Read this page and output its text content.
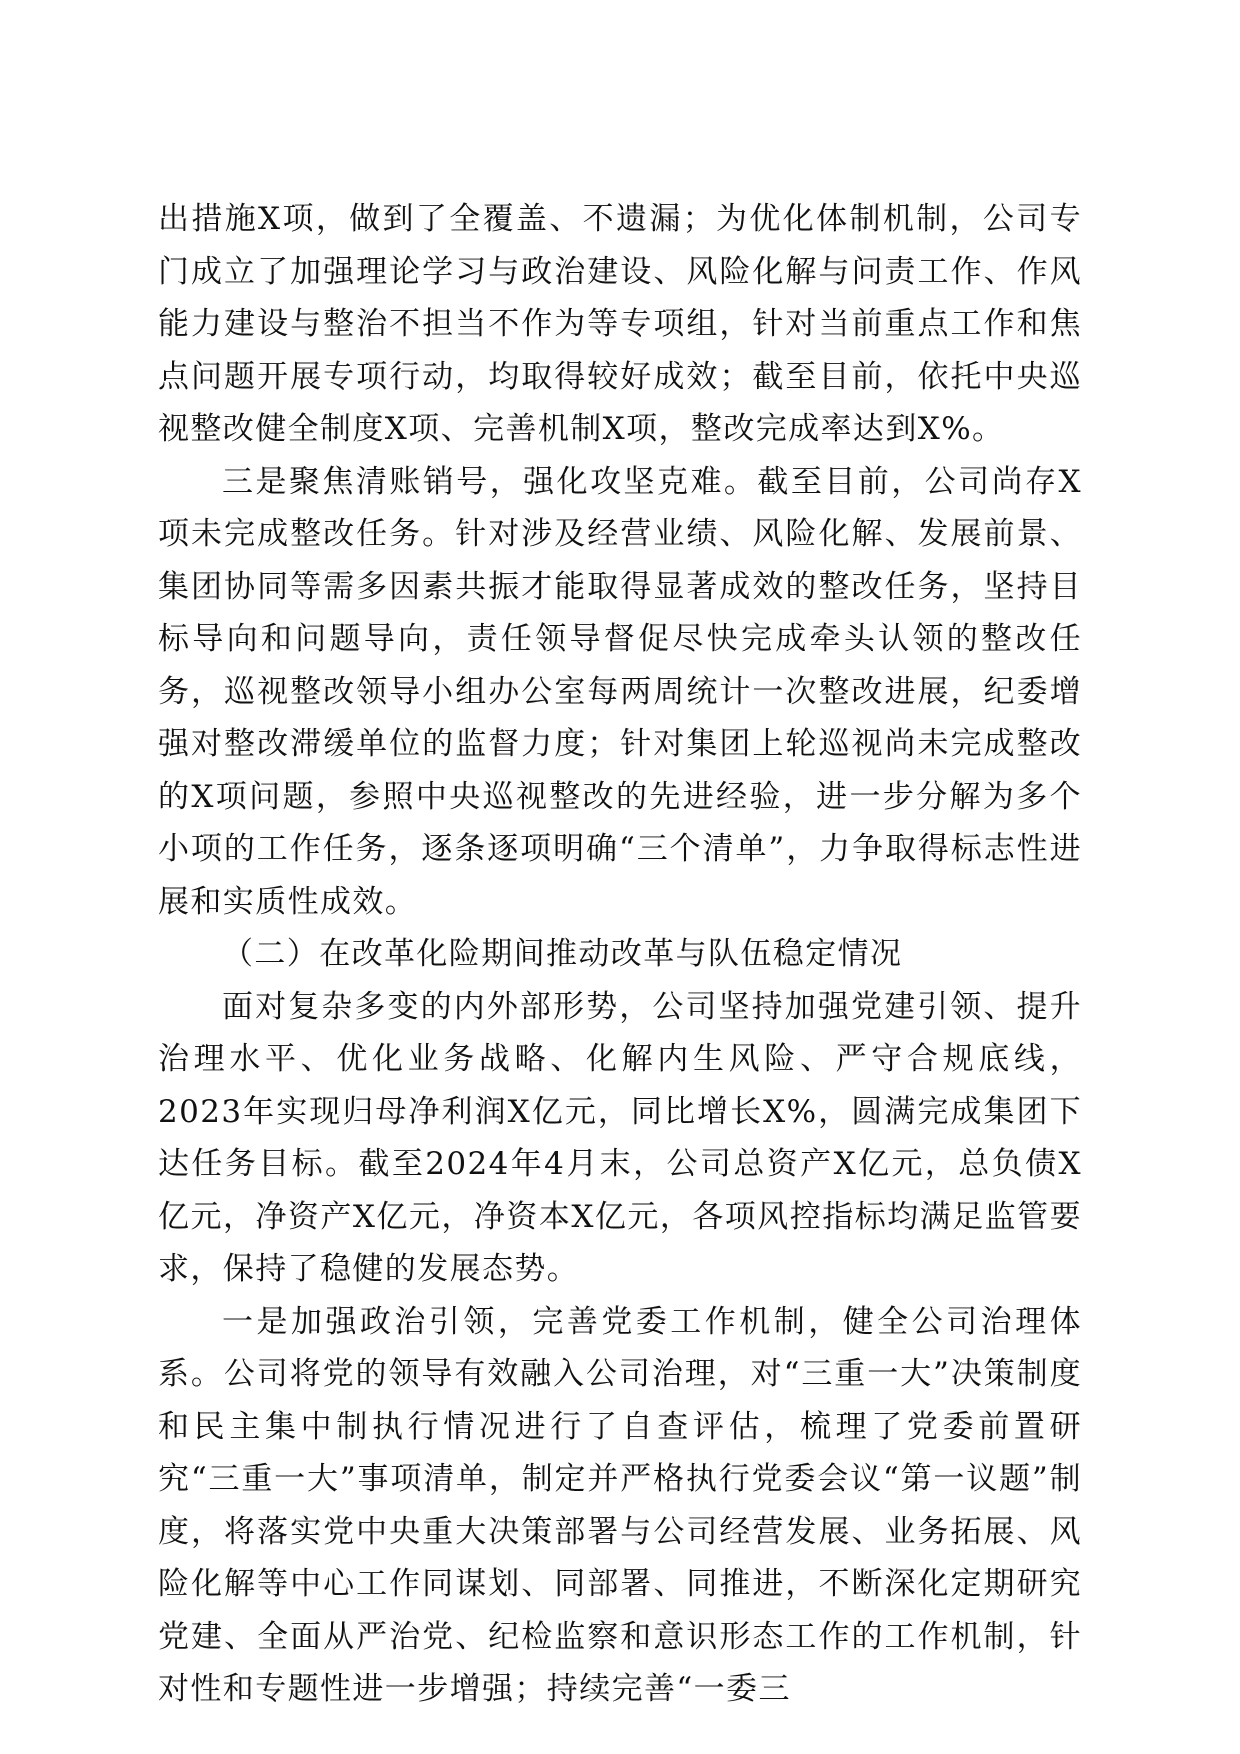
出措施X项，做到了全覆盖、不遗漏；为优化体制机制，公司专门成立了加强理论学习与政治建设、风险化解与问责工作、作风能力建设与整治不担当不作为等专项组，针对当前重点工作和焦点问题开展专项行动，均取得较好成效；截至目前，依托中央巡视整改健全制度X项、完善机制X项，整改完成率达到X%。

三是聚焦清账销号，强化攻坚克难。截至目前，公司尚存X项未完成整改任务。针对涉及经营业绩、风险化解、发展前景、集团协同等需多因素共振才能取得显著成效的整改任务，坚持目标导向和问题导向，责任领导督促尽快完成牵头认领的整改任务，巡视整改领导小组办公室每两周统计一次整改进展，纪委增强对整改滞缓单位的监督力度；针对集团上轮巡视尚未完成整改的X项问题，参照中央巡视整改的先进经验，进一步分解为多个小项的工作任务，逐条逐项明确“三个清单”，力争取得标志性进展和实质性成效。

（二）在改革化险期间推动改革与队伍稳定情况

面对复杂多变的内外部形势，公司坚持加强党建引领、提升治理水平、优化业务战略、化解内生风险、严守合规底线，2023年实现归母净利润X亿元，同比增长X%，圆满完成集团下达任务目标。截至2024年4月末，公司总资产X亿元，总负债X亿元，净资产X亿元，净资本X亿元，各项风控指标均满足监管要求，保持了稳健的发展态势。

一是加强政治引领，完善党委工作机制，健全公司治理体系。公司将党的领导有效融入公司治理，对“三重一大”决策制度和民主集中制执行情况进行了自查评估，梳理了党委前置研究“三重一大”事项清单，制定并严格执行党委会议“第一议题”制度，将落实党中央重大决策部署与公司经营发展、业务拓展、风险化解等中心工作同谋划、同部署、同推进，不断深化定期研究党建、全面从严治党、纪检监察和意识形态工作的工作机制，针对性和专题性进一步增强；持续完善“一委三
